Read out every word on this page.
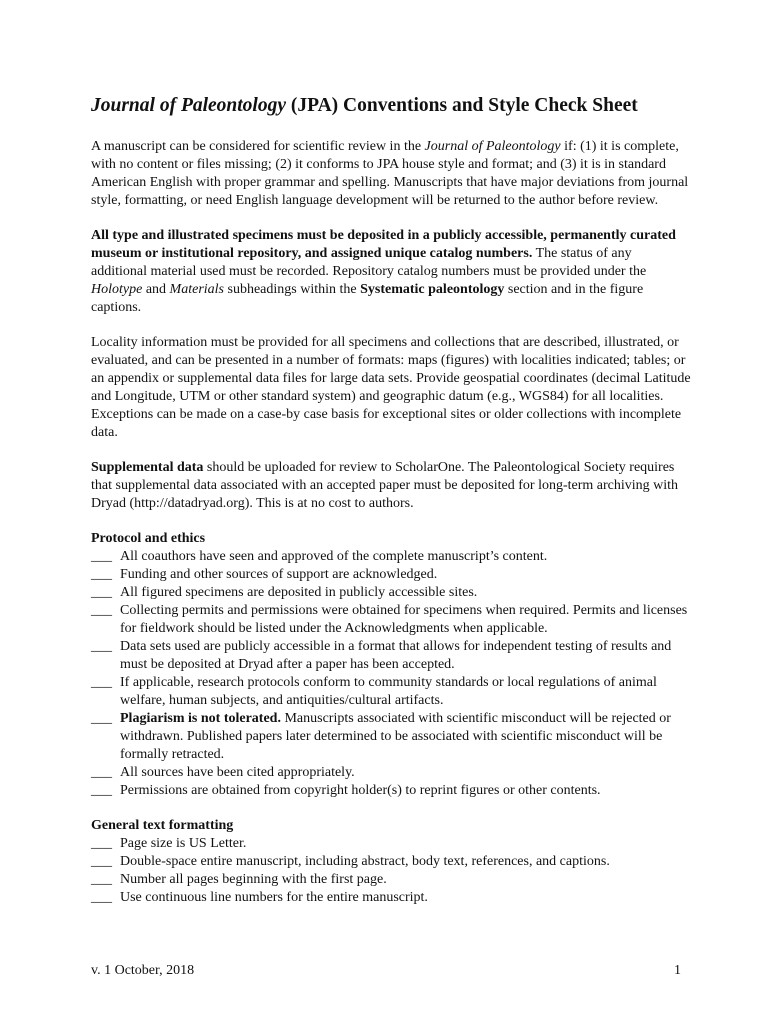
Journal of Paleontology (JPA) Conventions and Style Check Sheet

A manuscript can be considered for scientific review in the Journal of Paleontology if: (1) it is complete, with no content or files missing; (2) it conforms to JPA house style and format; and (3) it is in standard American English with proper grammar and spelling. Manuscripts that have major deviations from journal style, formatting, or need English language development will be returned to the author before review.

All type and illustrated specimens must be deposited in a publicly accessible, permanently curated museum or institutional repository, and assigned unique catalog numbers. The status of any additional material used must be recorded. Repository catalog numbers must be provided under the Holotype and Materials subheadings within the Systematic paleontology section and in the figure captions.

Locality information must be provided for all specimens and collections that are described, illustrated, or evaluated, and can be presented in a number of formats: maps (figures) with localities indicated; tables; or an appendix or supplemental data files for large data sets. Provide geospatial coordinates (decimal Latitude and Longitude, UTM or other standard system) and geographic datum (e.g., WGS84) for all localities. Exceptions can be made on a case-by case basis for exceptional sites or older collections with incomplete data.

Supplemental data should be uploaded for review to ScholarOne. The Paleontological Society requires that supplemental data associated with an accepted paper must be deposited for long-term archiving with Dryad (http://datadryad.org). This is at no cost to authors.

Protocol and ethics
___ All coauthors have seen and approved of the complete manuscript’s content.
___ Funding and other sources of support are acknowledged.
___ All figured specimens are deposited in publicly accessible sites.
___ Collecting permits and permissions were obtained for specimens when required. Permits and licenses for fieldwork should be listed under the Acknowledgments when applicable.
___ Data sets used are publicly accessible in a format that allows for independent testing of results and must be deposited at Dryad after a paper has been accepted.
___ If applicable, research protocols conform to community standards or local regulations of animal welfare, human subjects, and antiquities/cultural artifacts.
___ Plagiarism is not tolerated. Manuscripts associated with scientific misconduct will be rejected or withdrawn. Published papers later determined to be associated with scientific misconduct will be formally retracted.
___ All sources have been cited appropriately.
___ Permissions are obtained from copyright holder(s) to reprint figures or other contents.
General text formatting
___ Page size is US Letter.
___ Double-space entire manuscript, including abstract, body text, references, and captions.
___ Number all pages beginning with the first page.
___ Use continuous line numbers for the entire manuscript.
v. 1 October, 2018	1
